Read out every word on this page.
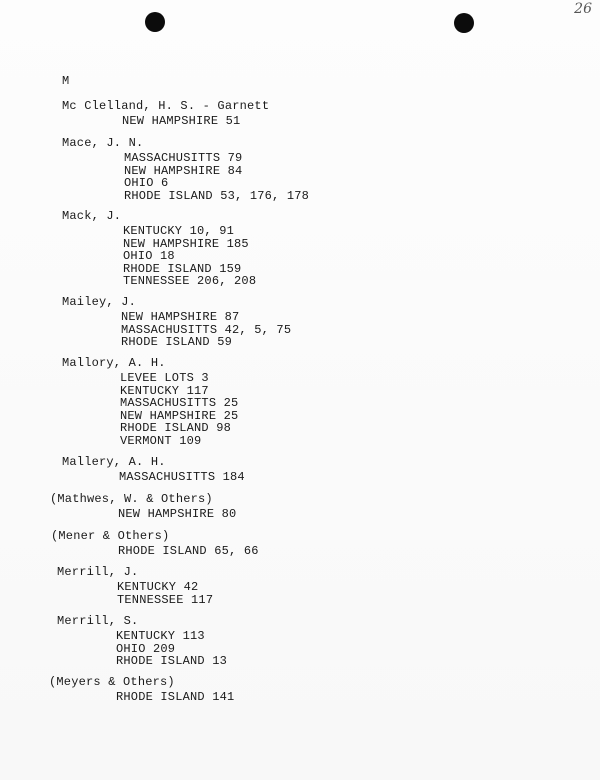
26
M
Mc Clelland, H. S. - Garnett
NEW HAMPSHIRE 51
Mace, J. N.
MASSACHUSITTS 79
NEW HAMPSHIRE 84
OHIO 6
RHODE ISLAND 53, 176, 178
Mack, J.
KENTUCKY 10, 91
NEW HAMPSHIRE 185
OHIO 18
RHODE ISLAND 159
TENNESSEE 206, 208
Mailey, J.
NEW HAMPSHIRE 87
MASSACHUSITTS 42, 5, 75
RHODE ISLAND 59
Mallory, A. H.
LEVEE LOTS 3
KENTUCKY 117
MASSACHUSITTS 25
NEW HAMPSHIRE 25
RHODE ISLAND 98
VERMONT 109
Mallery, A. H.
MASSACHUSITTS 184
(Mathwes, W. & Others)
NEW HAMPSHIRE 80
(Mener & Others)
RHODE ISLAND 65, 66
Merrill, J.
KENTUCKY 42
TENNESSEE 117
Merrill, S.
KENTUCKY 113
OHIO 209
RHODE ISLAND 13
(Meyers & Others)
RHODE ISLAND 141
